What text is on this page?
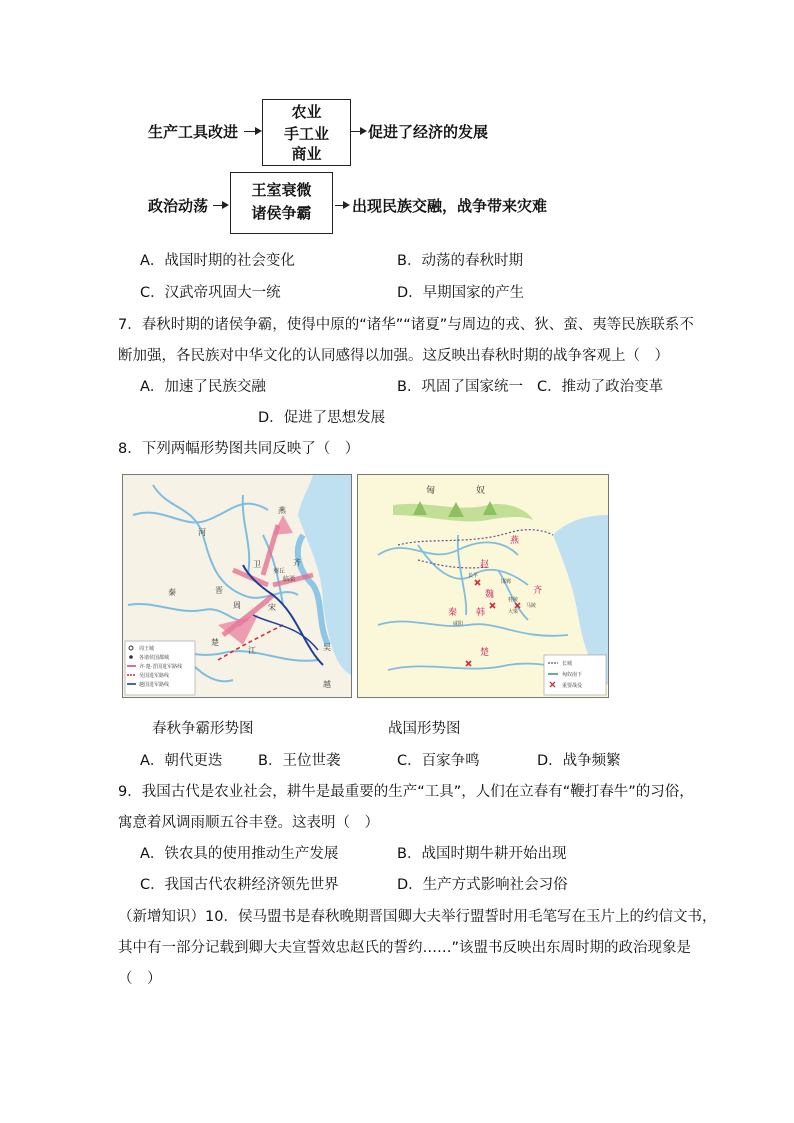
生产工具改进
农业
手工业
商业
促进了经济的发展
政治动荡
王室衰微
诸侯争霸	出现民族交融，战争带来灾难
A．战国时期的社会变化	B．动荡的春秋时期
C．汉武帝巩固大一统	D．早期国家的产生
7．春秋时期的诸侯争霸，使得中原的“诸华”“诸夏”与周边的戎、狄、蛮、夷等民族联系不
断加强，各民族对中华文化的认同感得以加强。这反映出春秋时期的战争客观上（　）
A．加速了民族交融	B．巩固了国家统一 C．推动了政治变革
D．促进了思想发展
8．下列两幅形势图共同反映了（　）
燕
晋
周
秦
宋
楚
吴
越
卫	齐
河
江
葵丘
临淄
周王城
各诸侯国都城
齐·楚·晋国进军路线
吴国进军路线
越国进军路线
匈	奴
燕
赵
魏
韩
秦
楚
齐
长平
桂陵
马陵
邯郸
大梁
咸阳
长城
匈奴南下
重要战役
春秋争霸形势图	战国形势图
A．朝代更迭 B．王位世袭	C．百家争鸣	D．战争频繁
9．我国古代是农业社会，耕牛是最重要的生产“工具”，人们在立春有“鞭打春牛”的习俗，
寓意着风调雨顺五谷丰登。这表明（　）
A．铁农具的使用推动生产发展	B．战国时期牛耕开始出现
C．我国古代农耕经济领先世界	D．生产方式影响社会习俗
（新增知识）10．侯马盟书是春秋晚期晋国卿大夫举行盟誓时用毛笔写在玉片上的约信文书，
其中有一部分记载到卿大夫宣誓效忠赵氏的誓约……”该盟书反映出东周时期的政治现象是
（　）
